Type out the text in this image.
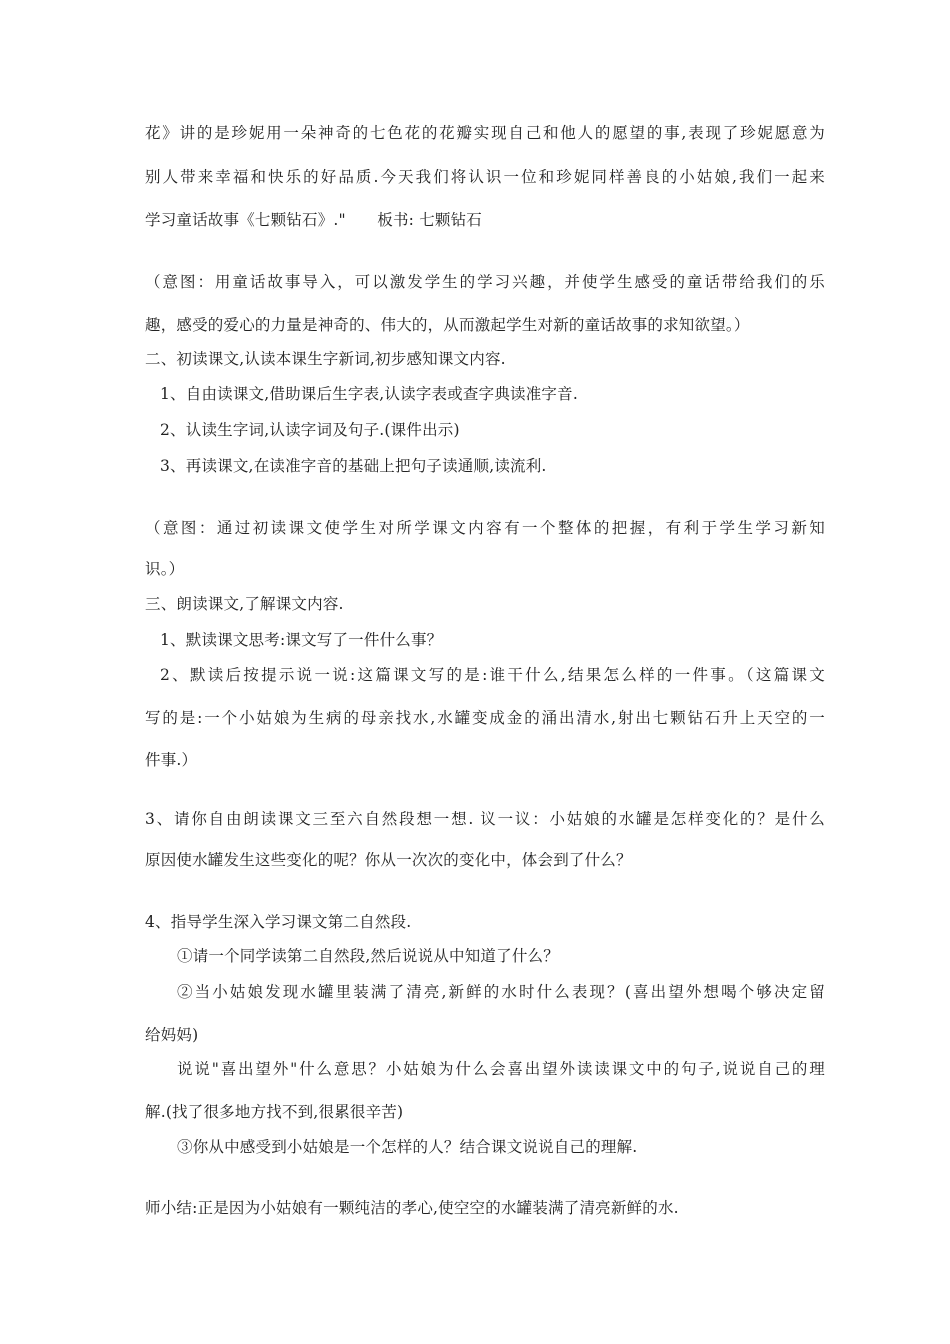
花》讲的是珍妮用一朵神奇的七色花的花瓣实现自己和他人的愿望的事,表现了珍妮愿意为
别人带来幸福和快乐的好品质.今天我们将认识一位和珍妮同样善良的小姑娘,我们一起来
学习童话故事《七颗钻石》."　　板书: 七颗钻石
（意图：用童话故事导入，可以激发学生的学习兴趣，并使学生感受的童话带给我们的乐
趣，感受的爱心的力量是神奇的、伟大的，从而激起学生对新的童话故事的求知欲望。）
二、初读课文,认读本课生字新词,初步感知课文内容.
1、自由读课文,借助课后生字表,认读字表或查字典读准字音.
2、认读生字词,认读字词及句子.(课件出示)
3、再读课文,在读准字音的基础上把句子读通顺,读流利.
（意图：通过初读课文使学生对所学课文内容有一个整体的把握，有利于学生学习新知
识。）
三、朗读课文,了解课文内容.
1、默读课文思考:课文写了一件什么事？
2、默读后按提示说一说:这篇课文写的是:谁干什么,结果怎么样的一件事。（这篇课文
写的是:一个小姑娘为生病的母亲找水,水罐变成金的涌出清水,射出七颗钻石升上天空的一
件事.）
3、请你自由朗读课文三至六自然段想一想. 议一议：小姑娘的水罐是怎样变化的？是什么
原因使水罐发生这些变化的呢？你从一次次的变化中，体会到了什么？
4、指导学生深入学习课文第二自然段.
①请一个同学读第二自然段,然后说说从中知道了什么？
②当小姑娘发现水罐里装满了清亮,新鲜的水时什么表现？(喜出望外想喝个够决定留
给妈妈)
说说"喜出望外"什么意思？小姑娘为什么会喜出望外读读课文中的句子,说说自己的理
解.(找了很多地方找不到,很累很辛苦)
③你从中感受到小姑娘是一个怎样的人？结合课文说说自己的理解.
师小结:正是因为小姑娘有一颗纯洁的孝心,使空空的水罐装满了清亮新鲜的水.
